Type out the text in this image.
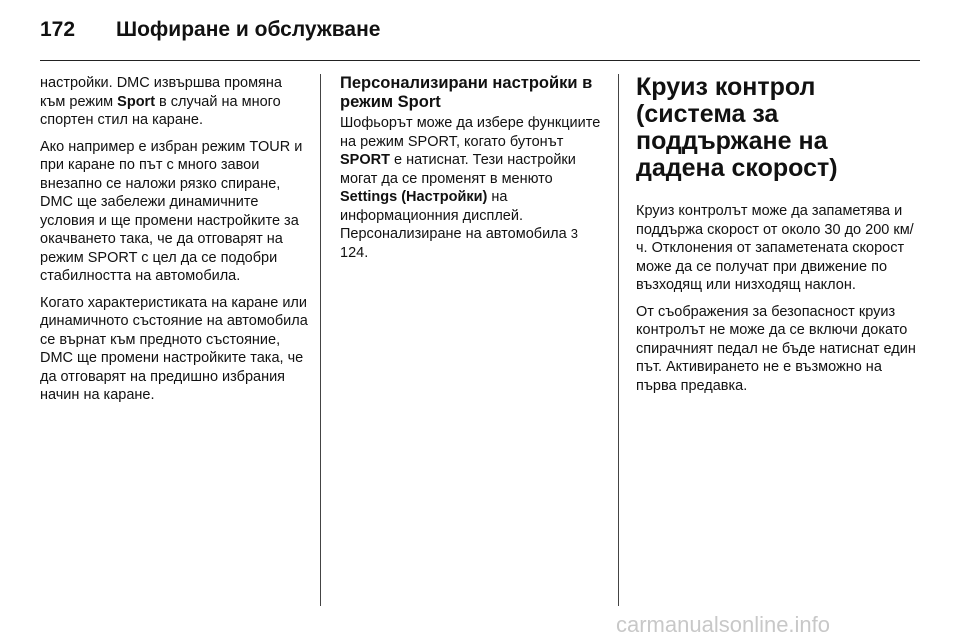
172	Шофиране и обслужване

настройки. DMC извършва промяна към режим Sport в случай на много спортен стил на каране.

Ако например е избран режим TOUR и при каране по път с много завои внезапно се наложи рязко спиране, DMC ще забележи динамичните условия и ще промени настройките за окачването така, че да отговарят на режим SPORT с цел да се подобри стабилността на автомобила.

Когато характеристиката на каране или динамичното състояние на автомобила се върнат към предното състояние, DMC ще промени настройките така, че да отговарят на предишно избрания начин на каране.

Персонализирани настройки в режим Sport

Шофьорът може да избере функциите на режим SPORT, когато бутонът SPORT е натиснат. Тези настройки могат да се променят в менюто Settings (Настройки) на информационния дисплей. Персонализиране на автомобила 3 124.

Круиз контрол (система за поддържане на дадена скорост)

Круиз контролът може да запаметява и поддържа скорост от около 30 до 200 км/ч. Отклонения от запаметената скорост може да се получат при движение по възходящ или низходящ наклон.

От съображения за безопасност круиз контролът не може да се включи докато спирачният педал не бъде натиснат един път. Активирането не е възможно на първа предавка.

carmanualsonline.info
